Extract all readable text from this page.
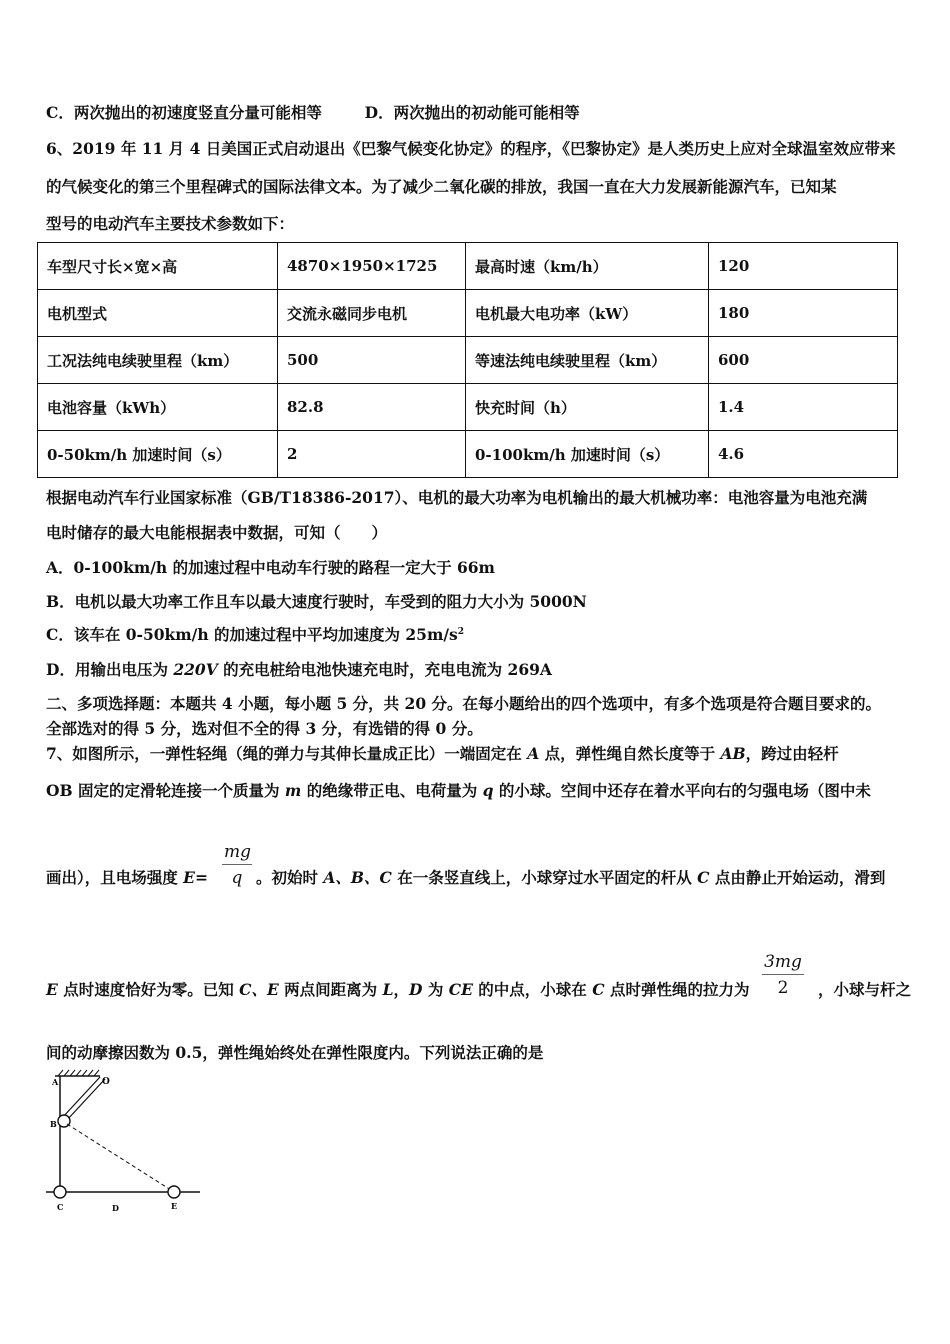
C．两次抛出的初速度竖直分量可能相等	D．两次抛出的初动能可能相等
6、2019 年 11 月 4 日美国正式启动退出《巴黎气候变化协定》的程序，《巴黎协定》是人类历史上应对全球温室效应带来
的气候变化的第三个里程碑式的国际法律文本。为了减少二氧化碳的排放，我国一直在大力发展新能源汽车，已知某
型号的电动汽车主要技术参数如下：
车型尺寸长×宽×高	4870×1950×1725	最高时速（km/h）	120
电机型式	交流永磁同步电机	电机最大电功率（kW）	180
工况法纯电续驶里程（km）	500	等速法纯电续驶里程（km）	600
电池容量（kWh）	82.8	快充时间（h）	1.4
0-50km/h 加速时间（s）	2	0-100km/h 加速时间（s）	4.6
根据电动汽车行业国家标准（GB/T18386-2017）、电机的最大功率为电机输出的最大机械功率：电池容量为电池充满
电时储存的最大电能根据表中数据，可知（　　）
A．0-100km/h 的加速过程中电动车行驶的路程一定大于 66m
B．电机以最大功率工作且车以最大速度行驶时，车受到的阻力大小为 5000N
C．该车在 0-50km/h 的加速过程中平均加速度为 $25m/s^2$
D．用输出电压为 220V 的充电桩给电池快速充电时，充电电流为 269A
二、多项选择题：本题共 4 小题，每小题 5 分，共 20 分。在每小题给出的四个选项中，有多个选项是符合题目要求的。
全部选对的得 5 分，选对但不全的得 3 分，有选错的得 0 分。
7、如图所示，一弹性轻绳（绳的弹力与其伸长量成正比）一端固定在 A 点，弹性绳自然长度等于 AB，跨过由轻杆
OB 固定的定滑轮连接一个质量为 m 的绝缘带正电、电荷量为 q 的小球。空间中还存在着水平向右的匀强电场（图中未
画出），且电场强度 E=
mg
q 。初始时 A、B、C 在一条竖直线上，小球穿过水平固定的杆从 C 点由静止开始运动，滑到
E 点时速度恰好为零。已知 C、E 两点间距离为 L，D 为 CE 的中点，小球在 C 点时弹性绳的拉力为
3mg
2	，小球与杆之
间的动摩擦因数为 0.5，弹性绳始终处在弹性限度内。下列说法正确的是
A	O
B
C	D	E
